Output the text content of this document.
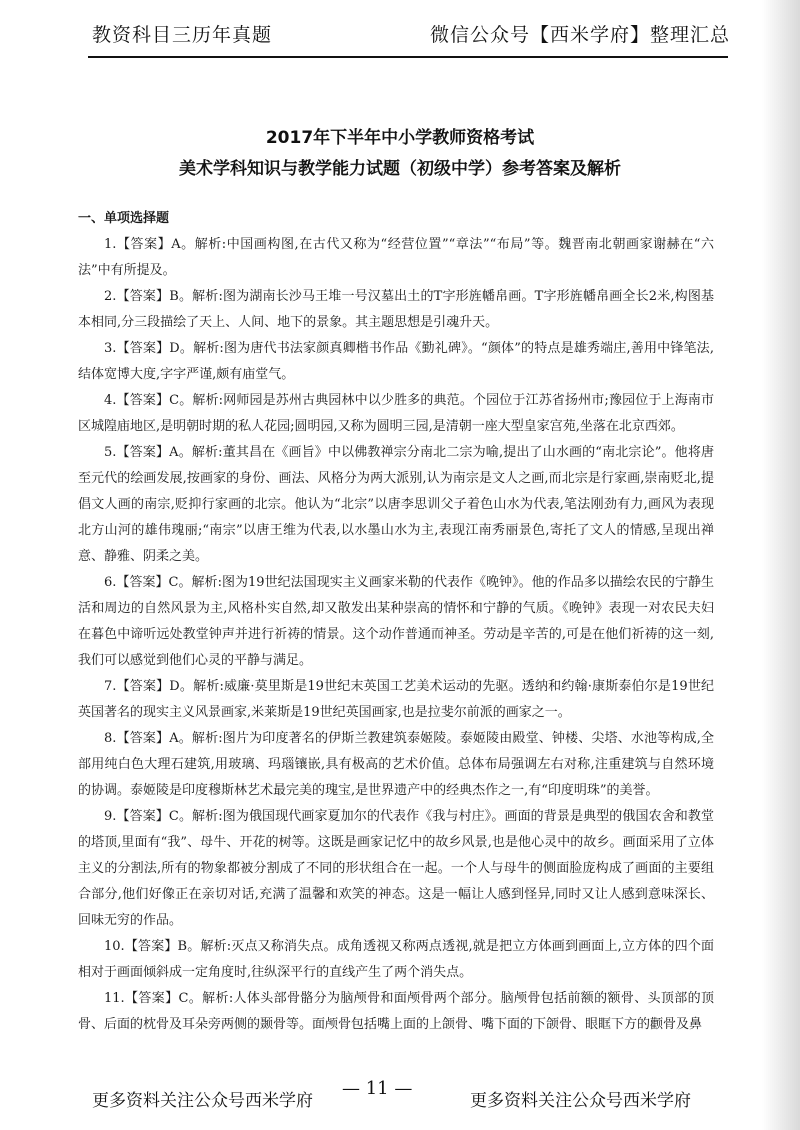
教资科目三历年真题	微信公众号【西米学府】整理汇总
2017年下半年中小学教师资格考试
美术学科知识与教学能力试题（初级中学）参考答案及解析
一、单项选择题

1.【答案】A。解析:中国画构图,在古代又称为“经营位置”“章法”“布局”等。魏晋南北朝画家谢赫在“六法”中有所提及。

2.【答案】B。解析:图为湖南长沙马王堆一号汉墓出土的T字形旌幡帛画。T字形旌幡帛画全长2米,构图基本相同,分三段描绘了天上、人间、地下的景象。其主题思想是引魂升天。

3.【答案】D。解析:图为唐代书法家颜真卿楷书作品《勤礼碑》。“颜体”的特点是雄秀端庄,善用中锋笔法,结体宽博大度,字字严谨,颇有庙堂气。

4.【答案】C。解析:网师园是苏州古典园林中以少胜多的典范。个园位于江苏省扬州市;豫园位于上海南市区城隍庙地区,是明朝时期的私人花园;圆明园,又称为圆明三园,是清朝一座大型皇家宫苑,坐落在北京西郊。

5.【答案】A。解析:董其昌在《画旨》中以佛教禅宗分南北二宗为喻,提出了山水画的“南北宗论”。他将唐至元代的绘画发展,按画家的身份、画法、风格分为两大派别,认为南宗是文人之画,而北宗是行家画,崇南贬北,提倡文人画的南宗,贬抑行家画的北宗。他认为“北宗”以唐李思训父子着色山水为代表,笔法刚劲有力,画风为表现北方山河的雄伟瑰丽;“南宗”以唐王维为代表,以水墨山水为主,表现江南秀丽景色,寄托了文人的情感,呈现出禅意、静雅、阴柔之美。

6.【答案】C。解析:图为19世纪法国现实主义画家米勒的代表作《晚钟》。他的作品多以描绘农民的宁静生活和周边的自然风景为主,风格朴实自然,却又散发出某种崇高的情怀和宁静的气质。《晚钟》表现一对农民夫妇在暮色中谛听远处教堂钟声并进行祈祷的情景。这个动作普通而神圣。劳动是辛苦的,可是在他们祈祷的这一刻,我们可以感觉到他们心灵的平静与满足。

7.【答案】D。解析:威廉·莫里斯是19世纪末英国工艺美术运动的先驱。透纳和约翰·康斯泰伯尔是19世纪英国著名的现实主义风景画家,米莱斯是19世纪英国画家,也是拉斐尔前派的画家之一。

8.【答案】A。解析:图片为印度著名的伊斯兰教建筑泰姬陵。泰姬陵由殿堂、钟楼、尖塔、水池等构成,全部用纯白色大理石建筑,用玻璃、玛瑙镶嵌,具有极高的艺术价值。总体布局强调左右对称,注重建筑与自然环境的协调。泰姬陵是印度穆斯林艺术最完美的瑰宝,是世界遗产中的经典杰作之一,有“印度明珠”的美誉。

9.【答案】C。解析:图为俄国现代画家夏加尔的代表作《我与村庄》。画面的背景是典型的俄国农舍和教堂的塔顶,里面有“我”、母牛、开花的树等。这既是画家记忆中的故乡风景,也是他心灵中的故乡。画面采用了立体主义的分割法,所有的物象都被分割成了不同的形状组合在一起。一个人与母牛的侧面脸庞构成了画面的主要组合部分,他们好像正在亲切对话,充满了温馨和欢笑的神态。这是一幅让人感到怪异,同时又让人感到意味深长、回味无穷的作品。

10.【答案】B。解析:灭点又称消失点。成角透视又称两点透视,就是把立方体画到画面上,立方体的四个面相对于画面倾斜成一定角度时,往纵深平行的直线产生了两个消失点。

11.【答案】C。解析:人体头部骨骼分为脑颅骨和面颅骨两个部分。脑颅骨包括前额的额骨、头顶部的顶骨、后面的枕骨及耳朵旁两侧的颞骨等。面颅骨包括嘴上面的上颌骨、嘴下面的下颌骨、眼眶下方的颧骨及鼻

更多资料关注公众号西米学府
— 11 —
更多资料关注公众号西米学府
